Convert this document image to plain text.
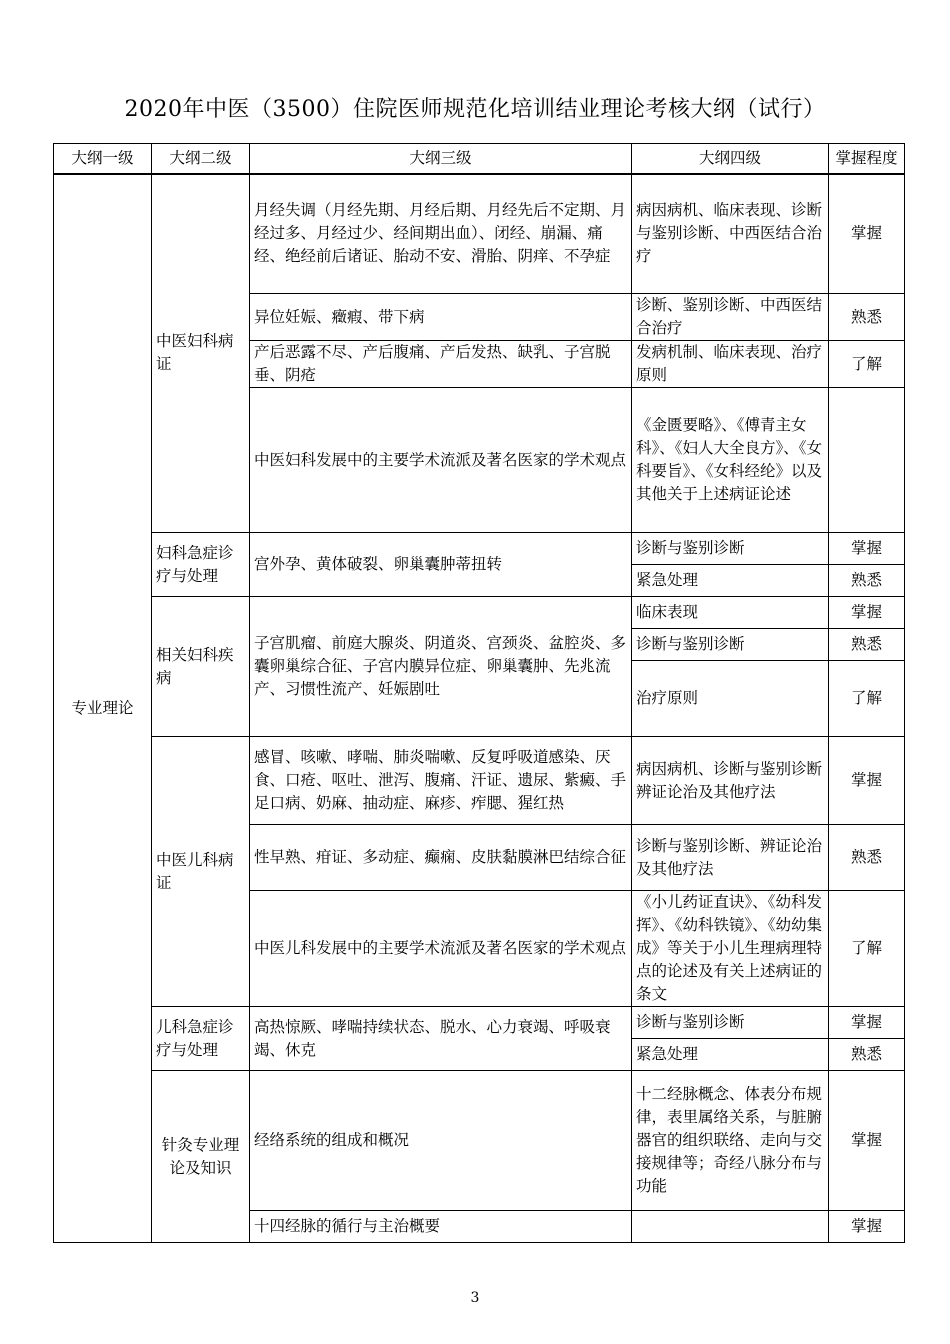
2020年中医（3500）住院医师规范化培训结业理论考核大纲（试行）
大纲一级	大纲二级	大纲三级	大纲四级	掌握程度
专业理论	中医妇科病证	月经失调（月经先期、月经后期、月经先后不定期、月经过多、月经过少、经间期出血）、闭经、崩漏、痛经、绝经前后诸证、胎动不安、滑胎、阴痒、不孕症	病因病机、临床表现、诊断与鉴别诊断、中西医结合治疗	掌握
		异位妊娠、癥瘕、带下病	诊断、鉴别诊断、中西医结合治疗	熟悉
		产后恶露不尽、产后腹痛、产后发热、缺乳、子宫脱垂、阴疮	发病机制、临床表现、治疗原则	了解
		中医妇科发展中的主要学术流派及著名医家的学术观点	《金匮要略》、《傅青主女科》、《妇人大全良方》、《女科要旨》、《女科经纶》以及其他关于上述病证论述	
	妇科急症诊疗与处理	宫外孕、黄体破裂、卵巢囊肿蒂扭转	诊断与鉴别诊断	掌握
			紧急处理	熟悉
	相关妇科疾病	子宫肌瘤、前庭大腺炎、阴道炎、宫颈炎、盆腔炎、多囊卵巢综合征、子宫内膜异位症、卵巢囊肿、先兆流产、习惯性流产、妊娠剧吐	临床表现	掌握
			诊断与鉴别诊断	熟悉
			治疗原则	了解
	中医儿科病证	感冒、咳嗽、哮喘、肺炎喘嗽、反复呼吸道感染、厌食、口疮、呕吐、泄泻、腹痛、汗证、遗尿、紫癜、手足口病、奶麻、抽动症、麻疹、痄腮、猩红热	病因病机、诊断与鉴别诊断辨证论治及其他疗法	掌握
		性早熟、疳证、多动症、癫痫、皮肤黏膜淋巴结综合征	诊断与鉴别诊断、辨证论治及其他疗法	熟悉
		中医儿科发展中的主要学术流派及著名医家的学术观点	《小儿药证直诀》、《幼科发挥》、《幼科铁镜》、《幼幼集成》等关于小儿生理病理特点的论述及有关上述病证的条文	了解
	儿科急症诊疗与处理	高热惊厥、哮喘持续状态、脱水、心力衰竭、呼吸衰竭、休克	诊断与鉴别诊断	掌握
			紧急处理	熟悉
	针灸专业理论及知识	经络系统的组成和概况	十二经脉概念、体表分布规律，表里属络关系，与脏腑器官的组织联络、走向与交接规律等；奇经八脉分布与功能	掌握
		十四经脉的循行与主治概要		掌握
3
